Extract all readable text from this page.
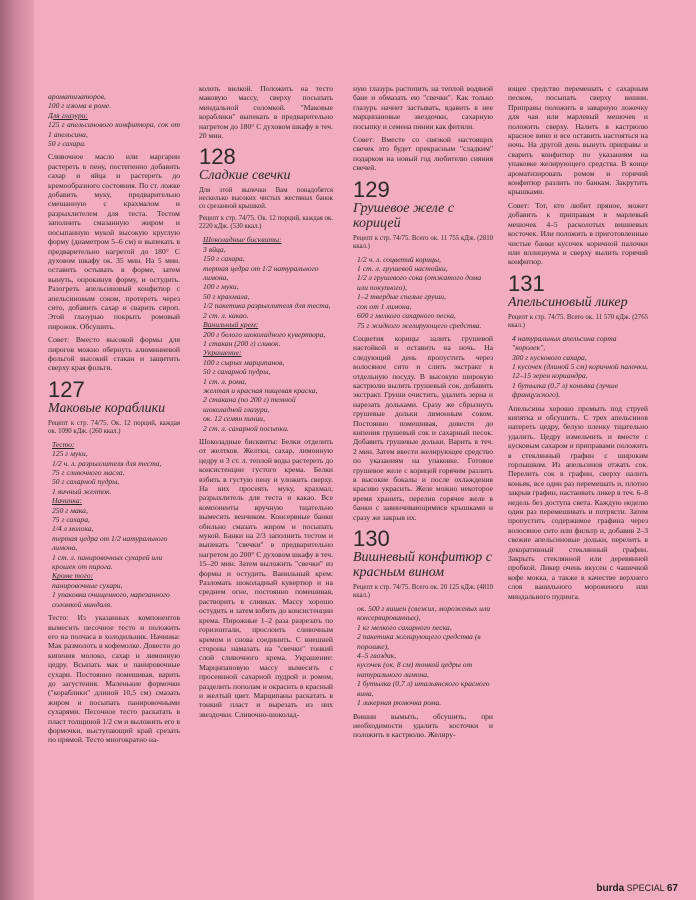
ароматизаторов,

100 г изюма в роме.

Для глазури:

125 г апельсинового конфитюра, сок от 1 апельсина,

50 г сахара.

Сливочное масло или маргарин растереть в пену, постепенно добавить сахар и яйца и растереть до кремообразного состояния. По ст. ложке добавить муку, предварительно смешанную с крахмалом и разрыхлителем для теста. Тестом заполнить смазанную жиром и посыпанную мукой высокую круглую форму (диаметром 5–6 см) и выпекать в предварительно нагретой до 180° С духовом шкафу ок. 35 мин. На 5 мин. оставить остывать в форме, затем вынуть, опрокинув форму, и остудить. Разогреть апельсиновый конфитюр с апельсиновым соком, протереть через сито, добавить сахар и сварить сироп. Этой глазурью покрыть ромовый пирожок. Обсушить.

Совет: Вместо высокой формы для пирогов можно обернуть алюминиевой фольгой высокий стакан и защитить сверху края фольги.

127
Маковые кораблики

Рецепт к стр. 74/75. Ок. 12 порций, каждая ок. 1090 кДж. (260 ккал.)

Тесто:
125 г муки,
1/2 ч. л. разрыхлителя для теста,
75 г сливочного масла,
50 г сахарной пудры,
1 яичный желток.
Начинка:
250 г мака,
75 г сахара,
1/4 л молока,
тертая цедра от 1/2 натурального лимона,
1 ст. л. панировочных сухарей или крошек от пирога.
Кроме того:
панировочные сухари,
1 упаковка очищенного, нарезанного соломкой миндаля.

Тесто: Из указанных компонентов вымесить песочное тесто и положить его на полчаса в холодильник. Начинка: Мак размолоть в кофемолке. Довести до кипения молоко, сахар и лимонную цедру. Всыпать мак и панировочные сухари. Постоянно помешивая, варить до загустения. Маленькие формочки ("кораблики" длиной 10,5 см) смазать жиром и посыпать панировочными сухарями. Песочное тесто раскатать в пласт толщиной 1/2 см и выложить его в формочки, выступающий край срезать по прямой. Тесто многократно на-

колоть вилкой. Положить на тесто маковую массу, сверху посыпать миндальной соломкой. "Маковые кораблики" выпекать в предварительно нагретом до 180° С духовом шкафу в теч. 20 мин.

128
Сладкие свечки

Для этой выпечки Вам понадобятся несколько высоких чистых жестяных банок со срезанной крышкой.

Рецепт к стр. 74/75. Ок. 12 порций, каждая ок. 2220 кДж. (530 ккал.)

Шоколадные бисквиты:
3 яйца,
150 г сахара,
тертая цедра от 1/2 натурального лимона,
100 г муки,
50 г крахмала,
1/2 пакетика разрыхлителя для теста,
2 ст. л. какао.
Ванильный крем:
200 г белого шоколадного кувертюра,
1 стакан (200 г) сливок.
Украшение:
100 г сырых марципанов,
50 г сахарной пудры,
1 ст. л. рома,
желтая и красная пищевая краска,
2 стакана (по 200 г) темной шоколадной глазури,
ок. 12 семян пинии,
2 ст. л. сахарной посыпки.

Шоколадные бисквиты: Белки отделить от желтков. Желтки, сахар, лимонную цедру и 3 ст. л. теплой воды растереть до консистенции густого крема. Белки взбить в густую пену и уложить сверху. На них просеять муку, крахмал, разрыхлитель для теста и какао. Все компоненты вручную тщательно вымесить венчиком. Консервные банки обильно смазать жиром и посыпать мукой. Банки на 2/3 заполнить тестом и выпекать "свечки" в предварительно нагретом до 200° С духовом шкафу в теч. 15–20 мин. Затем выложить "свечки" из формы и остудить. Ванильный крем: Разломать шоколадный кувертюр и на среднем огне, постоянно помешивая, растворить в сливках. Массу хорошо остудить и затем взбить до консистенции крема. Пирожные 1–2 раза разрезать по горизонтали, прослоить сливочным кремом и снова соединить. С внешней стороны намазать на "свечки" тонкий слой сливочного крема. Украшение: Марципановую массу вымесить с просеянной сахарной пудрой и ромом, разделить пополам и окрасить в красный и желтый цвет. Марципаны раскатать в тонкий пласт и вырезать из них звездочки. Сливочно-шоколад-

ную глазурь растопить на теплой водяной бане и обмазать ею "свечки". Как только глазурь начнет застывать, вдавить в нее марципановые звездочки, сахарную посыпку и семена пинии как фитили.

Совет: Вместе со связкой настоящих свечек это будет прекрасным "сладким" подарком на новый год любителю сияния свечей.

129
Грушевое желе с корицей

Рецепт к стр. 74/75. Всего ок. 11 755 кДж. (2810 ккал.)

1/2 ч. л. соцветий корицы,
1 ст. л. грушевой настойки,
1/2 л грушевого сока (отжатого дома или покупного),
1–2 твердые спелые груши,
сок от 1 лимона,
600 г мелкого сахарного песка,
75 г жидкого желирующего средства.

Соцветия корицы залить грушевой настойкой и оставить на ночь. На следующий день пропустить через волосяное сито и слить экстракт в отдельную посуду. В высокую широкую кастрюлю вылить грушевый сок, добавить экстракт. Груши очистить, удалить зерна и нарезать дольками. Сразу же сбрызнуть грушевые дольки лимонным соком. Постоянно помешивая, довести до кипения грушевый сок и сахарный песок. Добавить грушевые дольки. Варить в теч. 2 мин. Затем ввести желирующее средство по указаниям на упаковке. Готовое грушевое желе с корицей горячим разлить в высокие бокалы и после охлаждения красиво украсить. Желе можно некоторое время хранить, перелив горячее желе в банки с завинчивающимися крышками и сразу же закрыв их.

130
Вишневый конфитюр с красным вином

Рецепт к стр. 74/75. Всего ок. 20 125 кДж. (4810 ккал.)

ок. 500 г вишен (свежих, мороженых или консервированных),
1 кг мелкого сахарного песка,
2 пакетика желирующего средства (в порошке),
4–5 гвоздик,
кусочек (ок. 8 см) тонкой цедры от натурального лимона,
1 бутылка (0,7 л) итальянского красного вина,
1 ликерная рюмочка рома.

Вишни вымыть, обсушить, при необходимости удалить косточки и положить в кастрюлю. Желиру-

ющее средство перемешать с сахарным песком, посыпать сверху вишни. Приправы положить в заварную ложечку для чая или марлевый мешочек и положить сверху. Налить в кастрюлю красное вино и все оставить настояться на ночь. На другой день вынуть приправы и сварить конфитюр по указаниям на упаковке желирующего средства. В конце ароматизировать ромом и горячий конфитюр разлить по банкам. Закрутить крышками.

Совет: Тот, кто любит пряное, может добавить к приправам в марлевый мешочек 4–5 расколотых вишневых косточек. Или положить в приготовленные чистые банки кусочек коричной палочки или иллициума и сверху вылить горячий конфитюр.

131
Апельсиновый ликер

Рецепт к стр. 74/75. Всего ок. 11 570 кДж. (2765 ккал.)

4 натуральных апельсина сорта "королек",
300 г кускового сахара,
1 кусочек (длиной 5 см) коричной палочки,
12–15 зерен кориандра,
1 бутылка (0,7 л) коньяка (лучше французского).

Апельсины хорошо промыть под струей кипятка и обсушить. С трех апельсинов натереть цедру, белую пленку тщательно удалить. Цедру измельчить и вместе с кусковым сахаром и приправами положить в стеклянный графин с широким горлышком. Из апельсинов отжать сок. Перелить сок в графин, сверху налить коньяк, все один раз перемешать и, плотно закрыв графин, настаивать ликер в теч. 6–8 недель без доступа света. Каждую неделю один раз перемешивать и потрясти. Затем пропустить содержимое графина через волосяное сито или фильтр и, добавив 2–3 свежие апельсиновые дольки, перелить в декоративный стеклянный графин. Закрыть стеклянной или деревянной пробкой. Ликер очень вкусен с чашечкой кофе мокка, а также в качестве верхнего слоя ванильного мороженого или миндального пудинга.

burda SPECIAL 67
